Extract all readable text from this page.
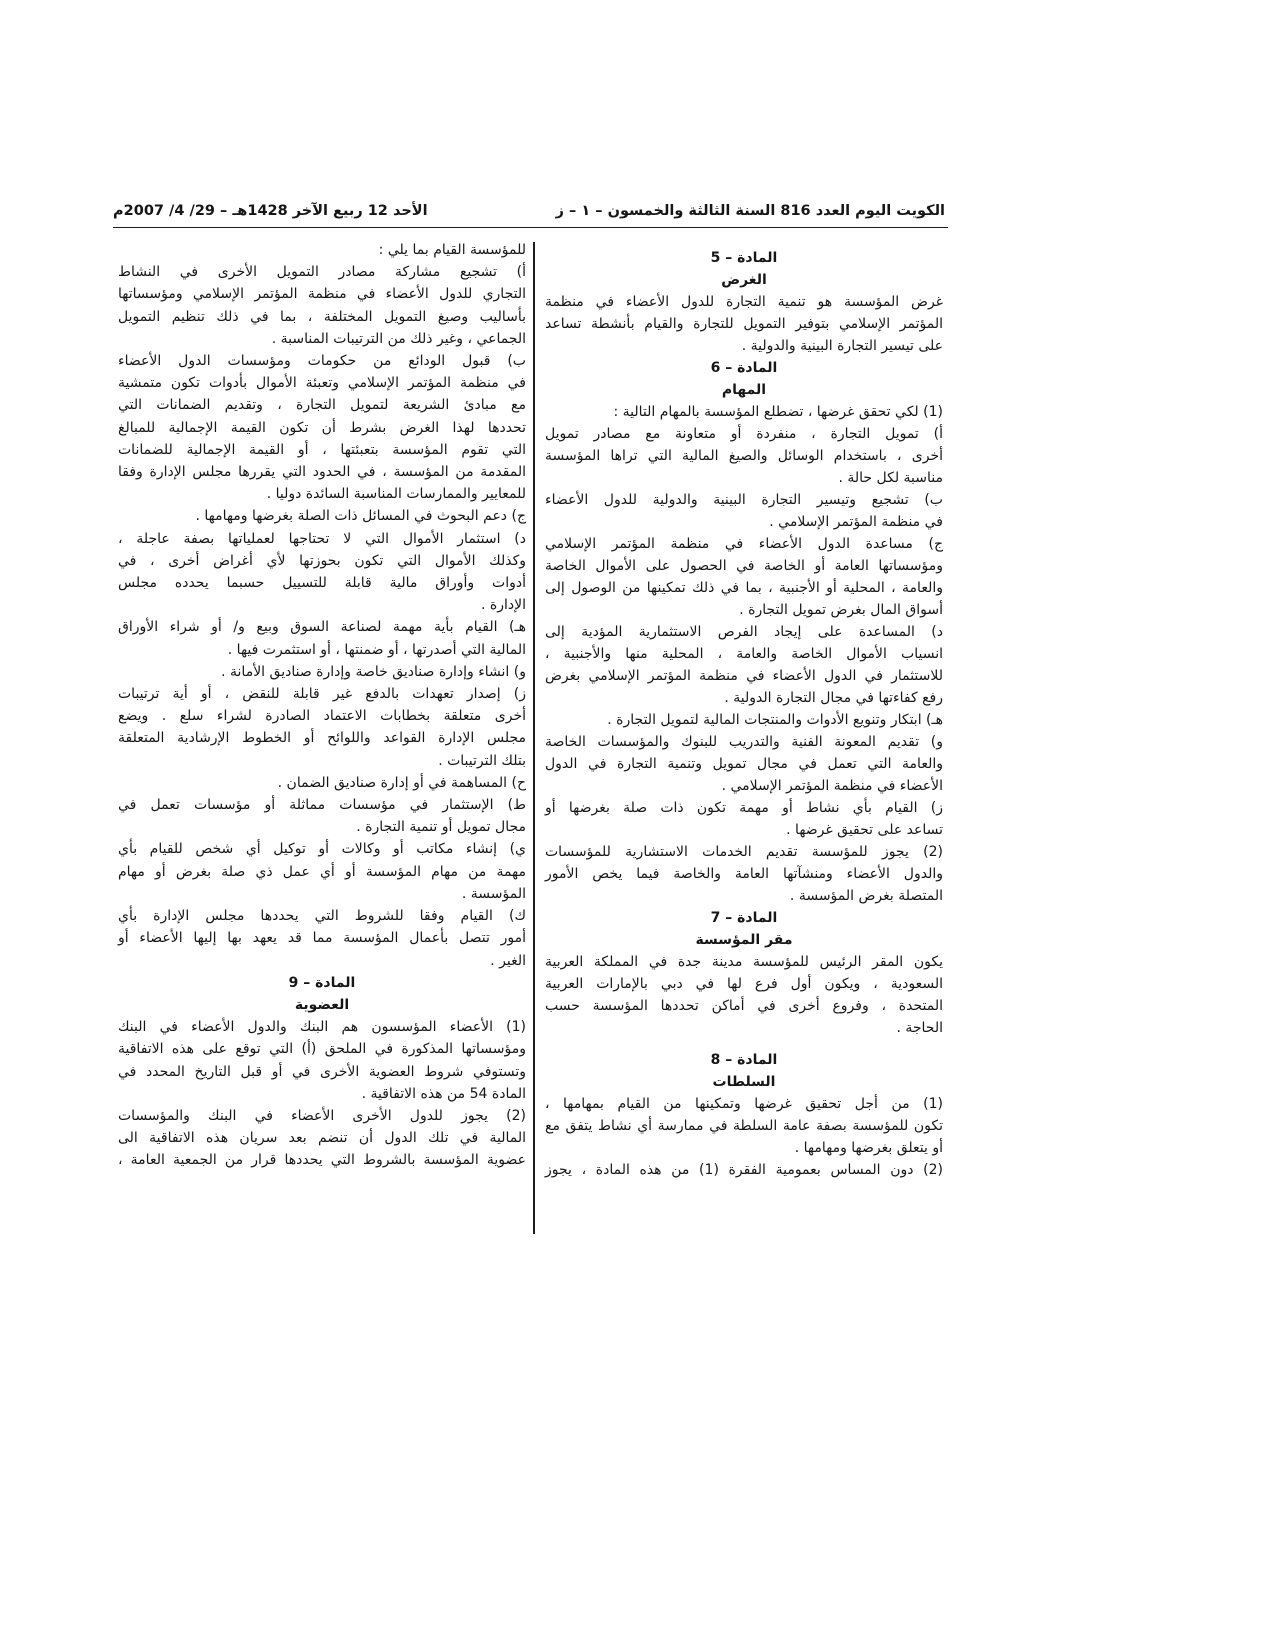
الكويت اليوم العدد 816 السنة الثالثة والخمسون – ١ – ز
الأحد 12 ربيع الآخر 1428هـ – 29/ 4/ 2007م
المادة – 5
الغرض
غرض المؤسسة هو تنمية التجارة للدول الأعضاء في منظمة
المؤتمر الإسلامي بتوفير التمويل للتجارة والقيام بأنشطة تساعد
على تيسير التجارة البينية والدولية .
المادة – 6
المهام
(1) لكي تحقق غرضها ، تضطلع المؤسسة بالمهام التالية :
أ) تمويل التجارة ، منفردة أو متعاونة مع مصادر تمويل
أخرى ، باستخدام الوسائل والصيغ المالية التي تراها المؤسسة
مناسبة لكل حالة .
ب) تشجيع وتيسير التجارة البينية والدولية للدول الأعضاء
في منظمة المؤتمر الإسلامي .
ج) مساعدة الدول الأعضاء في منظمة المؤتمر الإسلامي
ومؤسساتها العامة أو الخاصة في الحصول على الأموال الخاصة
والعامة ، المحلية أو الأجنبية ، بما في ذلك تمكينها من الوصول إلى
أسواق المال بغرض تمويل التجارة .
د) المساعدة على إيجاد الفرص الاستثمارية المؤدية إلى
انسياب الأموال الخاصة والعامة ، المحلية منها والأجنبية ،
للاستثمار في الدول الأعضاء في منظمة المؤتمر الإسلامي بغرض
رفع كفاءتها في مجال التجارة الدولية .
هـ) ابتكار وتنويع الأدوات والمنتجات المالية لتمويل التجارة .
و) تقديم المعونة الفنية والتدريب للبنوك والمؤسسات الخاصة
والعامة التي تعمل في مجال تمويل وتنمية التجارة في الدول
الأعضاء في منظمة المؤتمر الإسلامي .
ز) القيام بأي نشاط أو مهمة تكون ذات صلة بغرضها أو
تساعد على تحقيق غرضها .
(2) يجوز للمؤسسة تقديم الخدمات الاستشارية للمؤسسات
والدول الأعضاء ومنشآتها العامة والخاصة فيما يخص الأمور
المتصلة بغرض المؤسسة .
المادة – 7
مقر المؤسسة
يكون المقر الرئيس للمؤسسة مدينة جدة في المملكة العربية
السعودية ، ويكون أول فرع لها في دبي بالإمارات العربية
المتحدة ، وفروع أخرى في أماكن تحددها المؤسسة حسب
الحاجة .
المادة – 8
السلطات
(1) من أجل تحقيق غرضها وتمكينها من القيام بمهامها ،
تكون للمؤسسة بصفة عامة السلطة في ممارسة أي نشاط يتفق مع
أو يتعلق بغرضها ومهامها .
(2) دون المساس بعمومية الفقرة (1) من هذه المادة ، يجوز
للمؤسسة القيام بما يلي :
أ) تشجيع مشاركة مصادر التمويل الأخرى في النشاط
التجاري للدول الأعضاء في منظمة المؤتمر الإسلامي ومؤسساتها
بأساليب وصيغ التمويل المختلفة ، بما في ذلك تنظيم التمويل
الجماعي ، وغير ذلك من الترتيبات المناسبة .
ب) قبول الودائع من حكومات ومؤسسات الدول الأعضاء
في منظمة المؤتمر الإسلامي وتعبئة الأموال بأدوات تكون متمشية
مع مبادئ الشريعة لتمويل التجارة ، وتقديم الضمانات التي
تحددها لهذا الغرض بشرط أن تكون القيمة الإجمالية للمبالغ
التي تقوم المؤسسة بتعبئتها ، أو القيمة الإجمالية للضمانات
المقدمة من المؤسسة ، في الحدود التي يقررها مجلس الإدارة وفقا
للمعايير والممارسات المناسبة السائدة دوليا .
ج) دعم البحوث في المسائل ذات الصلة بغرضها ومهامها .
د) استثمار الأموال التي لا تحتاجها لعملياتها بصفة عاجلة ،
وكذلك الأموال التي تكون بحوزتها لأي أغراض أخرى ، في
أدوات وأوراق مالية قابلة للتسييل حسبما يحدده مجلس
الإدارة .
هـ) القيام بأية مهمة لصناعة السوق وبيع و/ أو شراء الأوراق
المالية التي أصدرتها ، أو ضمنتها ، أو استثمرت فيها .
و) انشاء وإدارة صناديق خاصة وإدارة صناديق الأمانة .
ز) إصدار تعهدات بالدفع غير قابلة للنقض ، أو أية ترتيبات
أخرى متعلقة بخطابات الاعتماد الصادرة لشراء سلع . ويضع
مجلس الإدارة القواعد واللوائح أو الخطوط الإرشادية المتعلقة
بتلك الترتيبات .
ح) المساهمة في أو إدارة صناديق الضمان .
ط) الإستثمار في مؤسسات مماثلة أو مؤسسات تعمل في
مجال تمويل أو تنمية التجارة .
ي) إنشاء مكاتب أو وكالات أو توكيل أي شخص للقيام بأي
مهمة من مهام المؤسسة أو أي عمل ذي صلة بغرض أو مهام
المؤسسة .
ك) القيام وفقا للشروط التي يحددها مجلس الإدارة بأي
أمور تتصل بأعمال المؤسسة مما قد يعهد بها إليها الأعضاء أو
الغير .
المادة – 9
العضوية
(1) الأعضاء المؤسسون هم البنك والدول الأعضاء في البنك
ومؤسساتها المذكورة في الملحق (أ) التي توقع على هذه الاتفاقية
وتستوفي شروط العضوية الأخرى في أو قبل التاريخ المحدد في
المادة 54 من هذه الاتفاقية .
(2) يجوز للدول الأخرى الأعضاء في البنك والمؤسسات
المالية في تلك الدول أن تنضم بعد سريان هذه الاتفاقية الى
عضوية المؤسسة بالشروط التي يحددها قرار من الجمعية العامة ،
